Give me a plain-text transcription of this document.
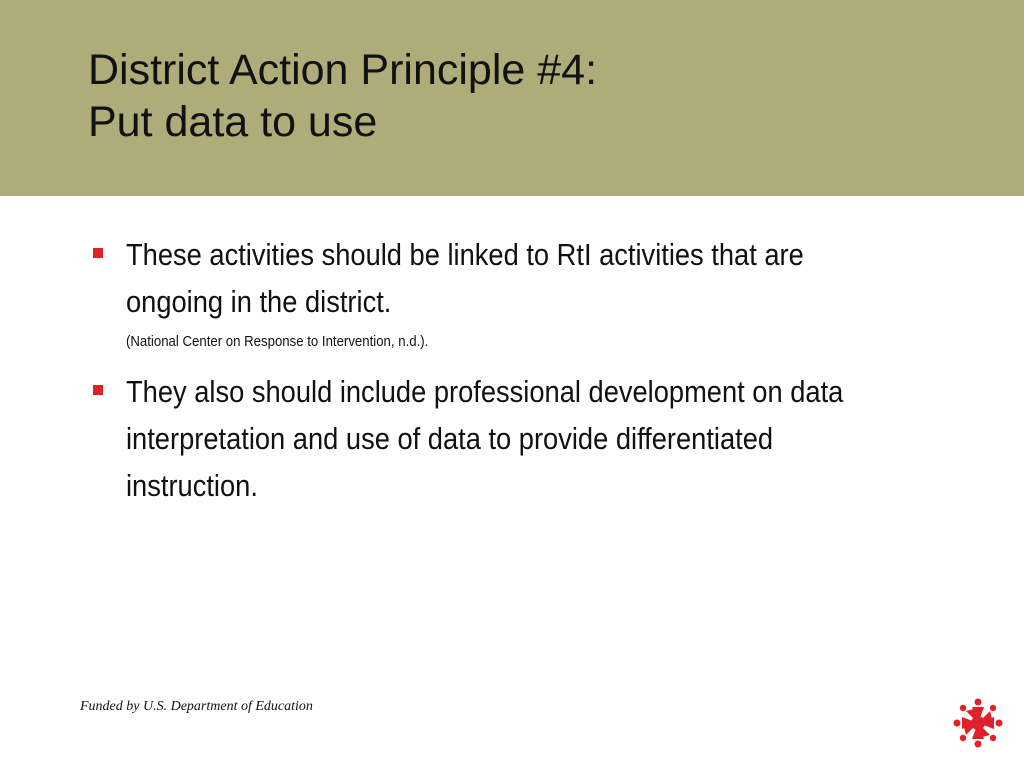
District Action Principle #4:
Put data to use

These activities should be linked to RtI activities that are ongoing in the district.

(National Center on Response to Intervention, n.d.).

They also should include professional development on data interpretation and use of data to provide differentiated instruction.

Funded by U.S. Department of Education
